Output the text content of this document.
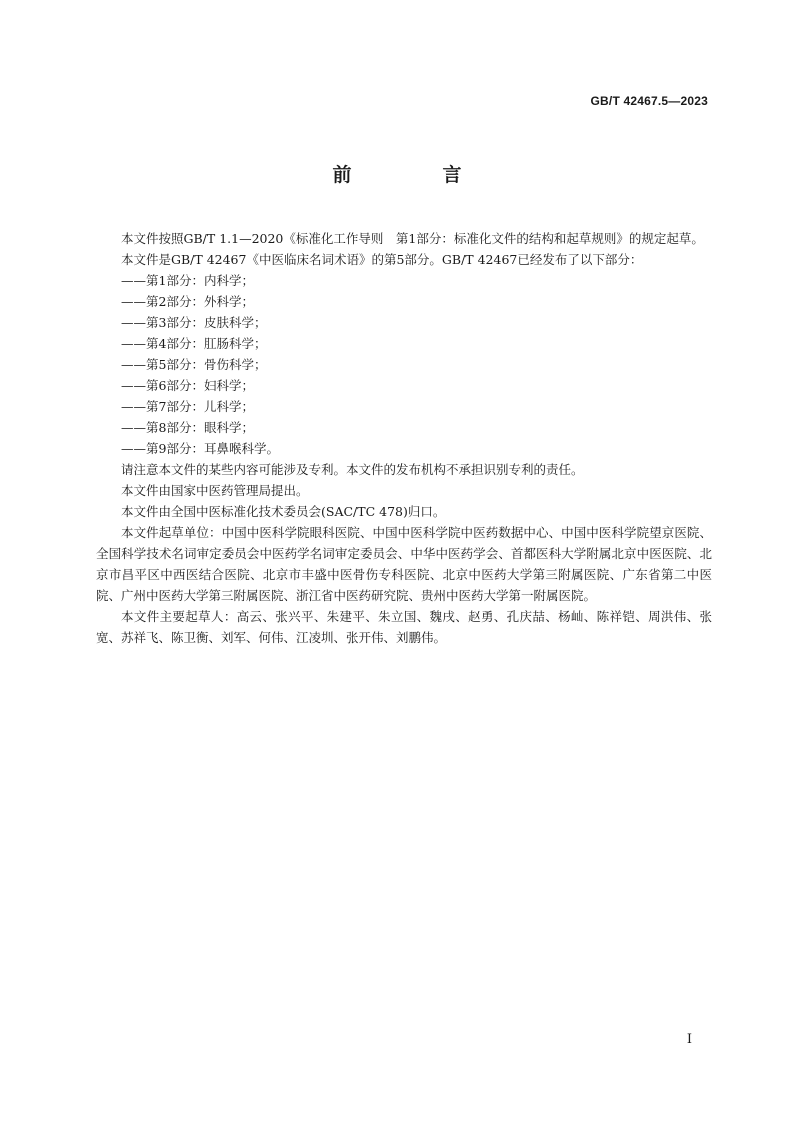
GB/T 42467.5—2023
前　言

本文件按照GB/T 1.1—2020《标准化工作导则　第1部分：标准化文件的结构和起草规则》的规定起草。

本文件是GB/T 42467《中医临床名词术语》的第5部分。GB/T 42467已经发布了以下部分：

——第1部分：内科学；

——第2部分：外科学；

——第3部分：皮肤科学；

——第4部分：肛肠科学；

——第5部分：骨伤科学；

——第6部分：妇科学；

——第7部分：儿科学；

——第8部分：眼科学；

——第9部分：耳鼻喉科学。

请注意本文件的某些内容可能涉及专利。本文件的发布机构不承担识别专利的责任。

本文件由国家中医药管理局提出。

本文件由全国中医标准化技术委员会(SAC/TC 478)归口。

本文件起草单位：中国中医科学院眼科医院、中国中医科学院中医药数据中心、中国中医科学院望京医院、全国科学技术名词审定委员会中医药学名词审定委员会、中华中医药学会、首都医科大学附属北京中医医院、北京市昌平区中西医结合医院、北京市丰盛中医骨伤专科医院、北京中医药大学第三附属医院、广东省第二中医院、广州中医药大学第三附属医院、浙江省中医药研究院、贵州中医药大学第一附属医院。

本文件主要起草人：高云、张兴平、朱建平、朱立国、魏戌、赵勇、孔庆喆、杨屾、陈祥铠、周洪伟、张宽、苏祥飞、陈卫衡、刘军、何伟、江凌圳、张开伟、刘鹏伟。

I
